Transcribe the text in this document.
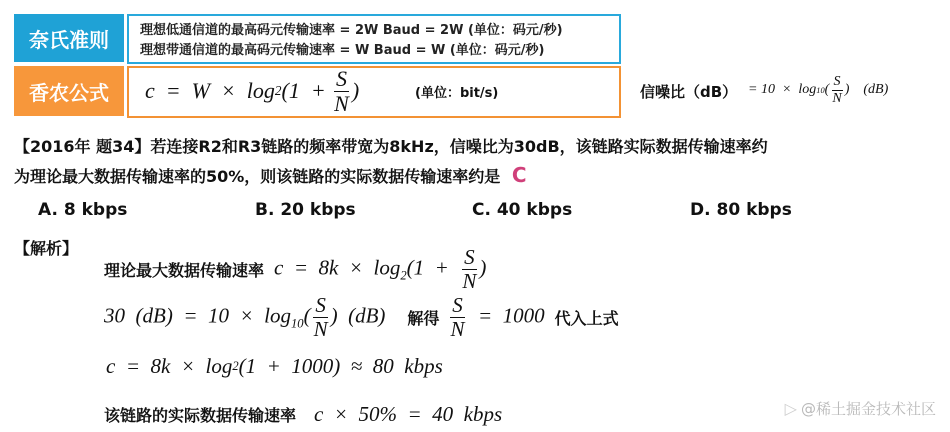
奈氏准则	理想低通信道的最高码元传输速率 = 2W Baud = 2W (单位：码元/秒)
理想带通信道的最高码元传输速率 = W Baud = W (单位：码元/秒)
香农公式	c  =  W  ×  log 2 ($1 + \frac{S}{N}$ )	(单位：bit/s)	信噪比（dB） = 10  ×  log 10 ( $\frac{S}{N}$ )    (dB)
【2016年 题34】若连接R2和R3链路的频率带宽为8kHz，信噪比为30dB，该链路实际数据传输速率约
为理论最大数据传输速率的50%，则该链路的实际数据传输速率约是 C
A. 8 kbps	B. 20 kbps	C. 40 kbps	D. 80 kbps
【解析】
理论最大数据传输速率 $c = 8k \times \log_2(1 + \frac{S}{N}$ )
30  $(dB) = 10 \times \log_{10}( \frac{S}{N}$ )  (dB) 解得 $\frac{S}{N} = 1000$ 代入上式
c  =  8k  ×  log 2 (1  +  1000)  ≈  80  kbps
该链路的实际数据传输速率 c  ×  50%  =  40  kbps	▷ @稀土掘金技术社区
